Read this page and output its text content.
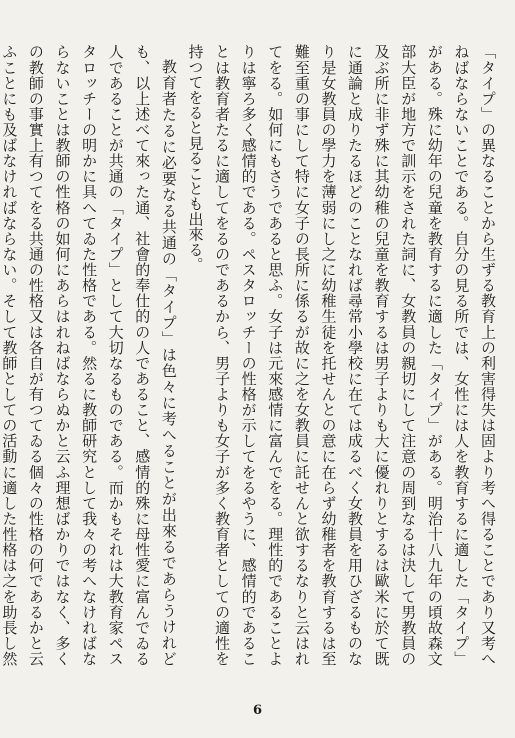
「タイプ」の異なることから生ずる教育上の利害得失は固より考へ得ることであり又考へねばならないことである。自分の見る所では、女性には人を教育するに適した「タイプ」がある。殊に幼年の兒童を教育するに適した「タイプ」がある。明治十八九年の頃故森文部大臣が地方で訓示をされた詞に、女教員の親切にして注意の周到なるは決して男教員の及ぶ所に非ず殊に其幼稚の兒童を教育するは男子よりも大に優れりとするは歐米に於て既に通論と成りたるほどのことなれば尋常小學校に在ては成るべく女教員を用ひざるものなり是女教員の學力を薄弱にし之に幼稚生徒を托せんとの意に在らず幼稚者を教育するは至難至重の事にして特に女子の長所に係るが故に之を女教員に託せんと欲するなりと云はれてをる。如何にもさうであると思ふ。女子は元來感情に富んでをる。理性的であることよりは寧ろ多く感情的である。ペスタロッチーの性格が示してをるやうに、感情的であることは教育者たるに適してをるのであるから、男子よりも女子が多く教育者としての適性を持つてをると見ることも出來る。

教育者たるに必要なる共通の「タイプ」は色々に考へることが出來るであらうけれども、以上述べて來った通、社會的奉仕的の人であること、感情的殊に母性愛に富んでゐる人であることが共通の「タイプ」として大切なるものである。而かもそれは大教育家ペスタロッチーの明かに具へてゐた性格である。然るに教師研究として我々の考へなければならないことは教師の性格の如何にあらはれねばならぬかと云ふ理想ばかりではなく、多くの教師の事實上有つてをる共通の性格又は各自が有つてゐる個々の性格の何であるかと云ふことにも及ばなければならない。そして教師としての活動に適した性格は之を助長し然

6
